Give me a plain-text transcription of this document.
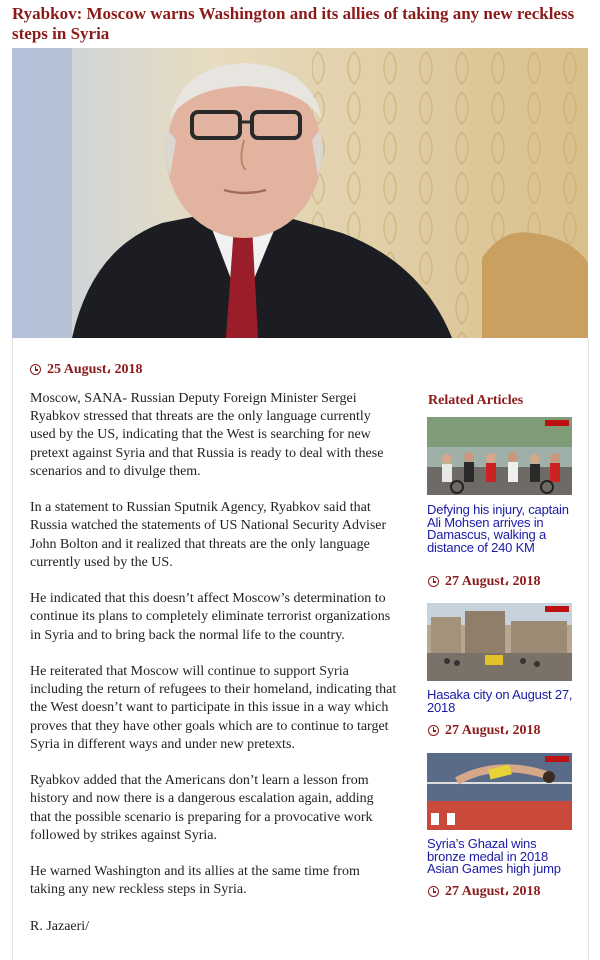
Ryabkov: Moscow warns Washington and its allies of taking any new reckless steps in Syria
25 August، 2018

Moscow, SANA- Russian Deputy Foreign Minister Sergei Ryabkov stressed that threats are the only language currently used by the US, indicating that the West is searching for new pretext against Syria and that Russia is ready to deal with these scenarios and to divulge them.

In a statement to Russian Sputnik Agency, Ryabkov said that Russia watched the statements of US National Security Adviser John Bolton and it realized that threats are the only language currently used by the US.

He indicated that this doesn’t affect Moscow’s determination to continue its plans to completely eliminate terrorist organizations in Syria and to bring back the normal life to the country.

He reiterated that Moscow will continue to support Syria including the return of refugees to their homeland, indicating that the West doesn’t want to participate in this issue in a way which proves that they have other goals which are to continue to target Syria in different ways and under new pretexts.

Ryabkov added that the Americans don’t learn a lesson from history and now there is a dangerous escalation again, adding that the possible scenario is preparing for a provocative work followed by strikes against Syria.

He warned Washington and its allies at the same time from taking any new reckless steps in Syria.

R. Jazaeri/

Related Articles
Defying his injury, captain Ali Mohsen arrives in Damascus, walking a distance of 240 KM
27 August، 2018
Hasaka city on August 27, 2018
27 August، 2018
Syria’s Ghazal wins bronze medal in 2018 Asian Games high jump
27 August، 2018
